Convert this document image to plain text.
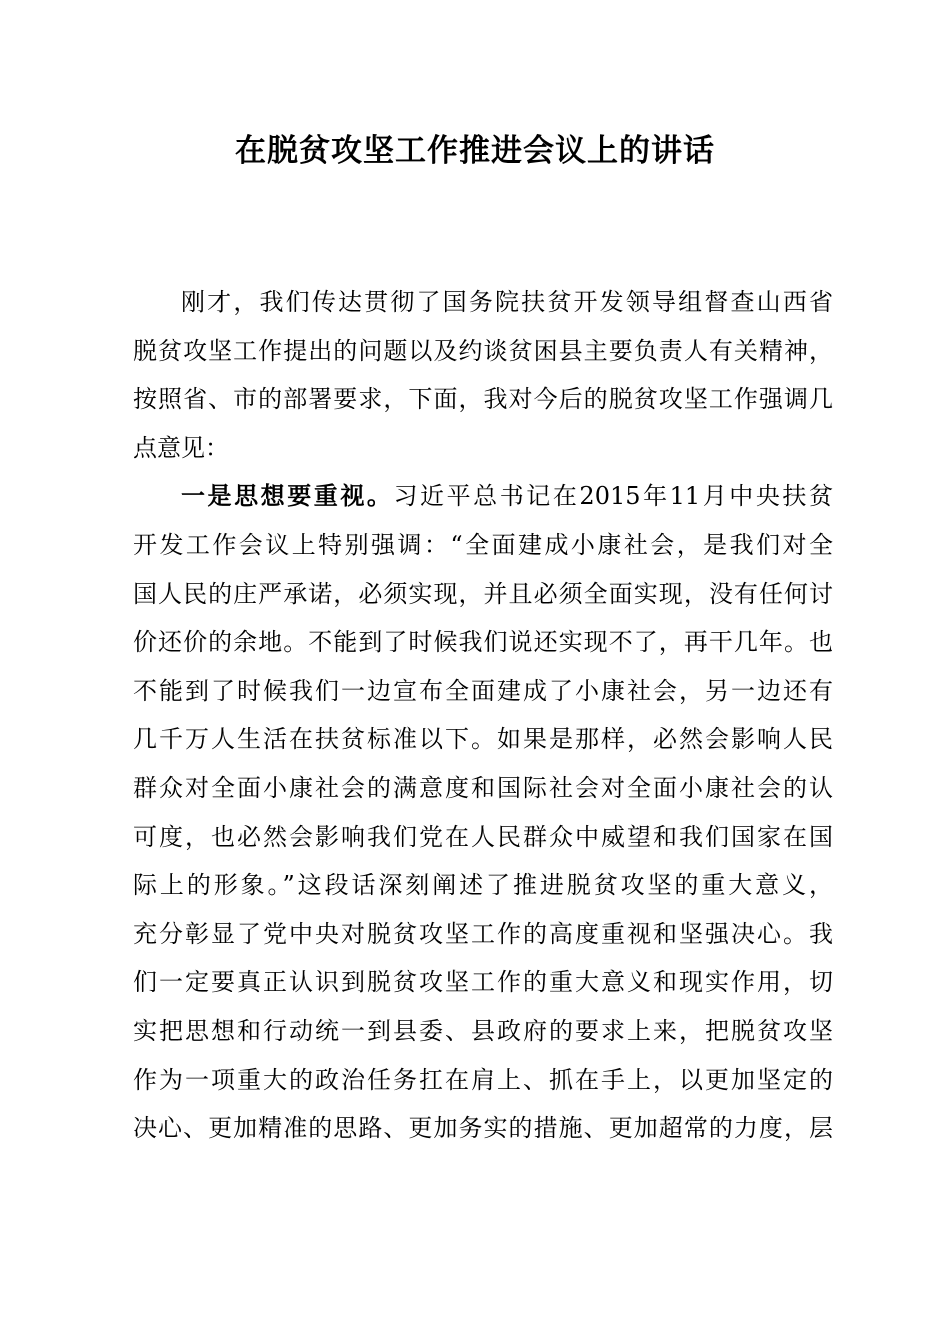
在脱贫攻坚工作推进会议上的讲话
刚才，我们传达贯彻了国务院扶贫开发领导组督查山西省
脱贫攻坚工作提出的问题以及约谈贫困县主要负责人有关精神，
按照省、市的部署要求，下面，我对今后的脱贫攻坚工作强调几
点意见：
一是思想要重视。习近平总书记在2015年11月中央扶贫
开发工作会议上特别强调：“全面建成小康社会，是我们对全
国人民的庄严承诺，必须实现，并且必须全面实现，没有任何讨
价还价的余地。不能到了时候我们说还实现不了，再干几年。也
不能到了时候我们一边宣布全面建成了小康社会，另一边还有
几千万人生活在扶贫标准以下。如果是那样，必然会影响人民
群众对全面小康社会的满意度和国际社会对全面小康社会的认
可度，也必然会影响我们党在人民群众中威望和我们国家在国
际上的形象。”这段话深刻阐述了推进脱贫攻坚的重大意义，
充分彰显了党中央对脱贫攻坚工作的高度重视和坚强决心。我
们一定要真正认识到脱贫攻坚工作的重大意义和现实作用，切
实把思想和行动统一到县委、县政府的要求上来，把脱贫攻坚
作为一项重大的政治任务扛在肩上、抓在手上，以更加坚定的
决心、更加精准的思路、更加务实的措施、更加超常的力度，层
